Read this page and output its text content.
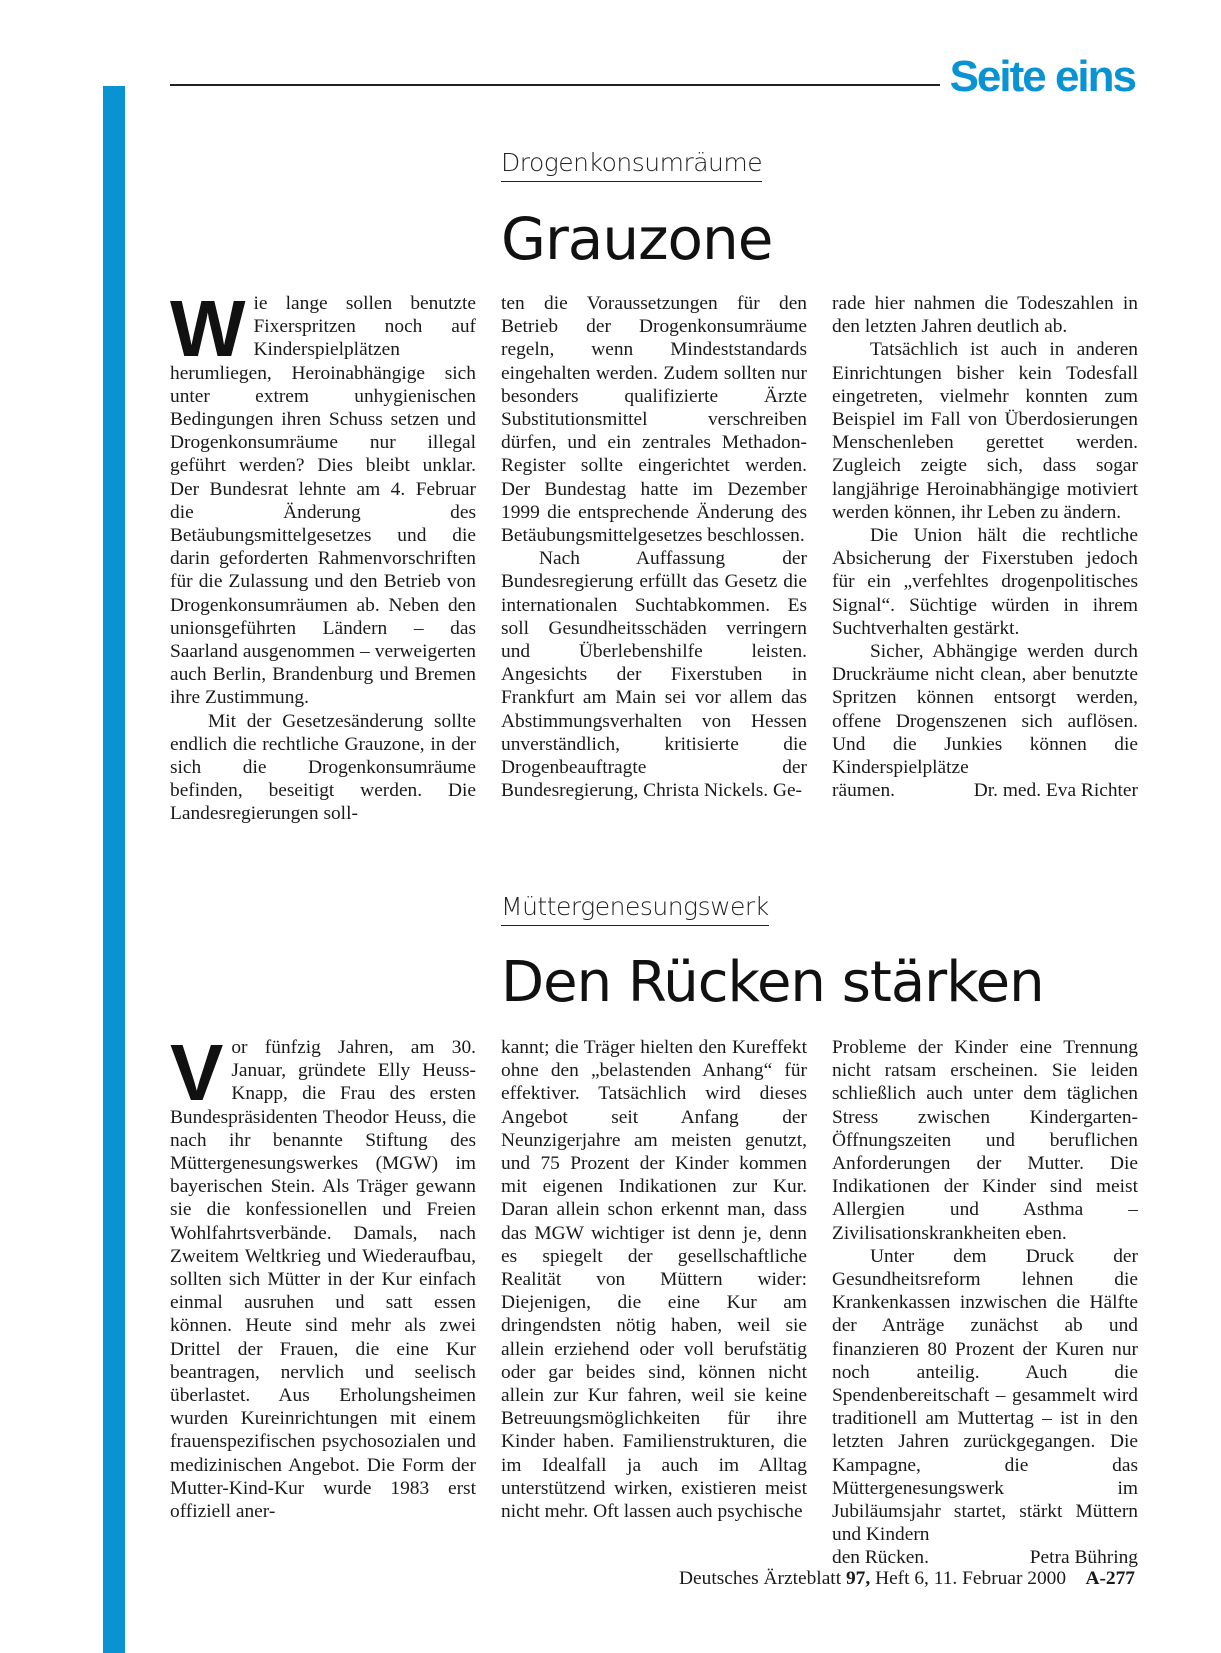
Seite eins
Drogenkonsumräume
Grauzone

Wie lange sollen benutzte Fixerspritzen noch auf Kinderspielplätzen herumliegen, Heroinabhängige sich unter extrem unhygienischen Bedingungen ihren Schuss setzen und Drogenkonsumräume nur illegal geführt werden? Dies bleibt unklar. Der Bundesrat lehnte am 4. Februar die Änderung des Betäubungsmittelgesetzes und die darin geforderten Rahmenvorschriften für die Zulassung und den Betrieb von Drogenkonsumräumen ab. Neben den unionsgeführten Ländern – das Saarland ausgenommen – verweigerten auch Berlin, Brandenburg und Bremen ihre Zustimmung.

Mit der Gesetzesänderung sollte endlich die rechtliche Grauzone, in der sich die Drogenkonsumräume befinden, beseitigt werden. Die Landesregierungen soll-

ten die Voraussetzungen für den Betrieb der Drogenkonsumräume regeln, wenn Mindeststandards eingehalten werden. Zudem sollten nur besonders qualifizierte Ärzte Substitutionsmittel verschreiben dürfen, und ein zentrales Methadon-Register sollte eingerichtet werden. Der Bundestag hatte im Dezember 1999 die entsprechende Änderung des Betäubungsmittelgesetzes beschlossen.

Nach Auffassung der Bundesregierung erfüllt das Gesetz die internationalen Suchtabkommen. Es soll Gesundheitsschäden verringern und Überlebenshilfe leisten. Angesichts der Fixerstuben in Frankfurt am Main sei vor allem das Abstimmungsverhalten von Hessen unverständlich, kritisierte die Drogenbeauftragte der Bundesregierung, Christa Nickels. Ge-

rade hier nahmen die Todeszahlen in den letzten Jahren deutlich ab.

Tatsächlich ist auch in anderen Einrichtungen bisher kein Todesfall eingetreten, vielmehr konnten zum Beispiel im Fall von Überdosierungen Menschenleben gerettet werden. Zugleich zeigte sich, dass sogar langjährige Heroinabhängige motiviert werden können, ihr Leben zu ändern.

Die Union hält die rechtliche Absicherung der Fixerstuben jedoch für ein „verfehltes drogenpolitisches Signal“. Süchtige würden in ihrem Suchtverhalten gestärkt.

Sicher, Abhängige werden durch Druckräume nicht clean, aber benutzte Spritzen können entsorgt werden, offene Drogenszenen sich auflösen. Und die Junkies können die Kinderspielplätze

räumen.	Dr. med. Eva Richter
Müttergenesungswerk
Den Rücken stärken

Vor fünfzig Jahren, am 30. Januar, gründete Elly Heuss-Knapp, die Frau des ersten Bundespräsidenten Theodor Heuss, die nach ihr benannte Stiftung des Müttergenesungswerkes (MGW) im bayerischen Stein. Als Träger gewann sie die konfessionellen und Freien Wohlfahrtsverbände. Damals, nach Zweitem Weltkrieg und Wiederaufbau, sollten sich Mütter in der Kur einfach einmal ausruhen und satt essen können. Heute sind mehr als zwei Drittel der Frauen, die eine Kur beantragen, nervlich und seelisch überlastet. Aus Erholungsheimen wurden Kureinrichtungen mit einem frauenspezifischen psychosozialen und medizinischen Angebot. Die Form der Mutter-Kind-Kur wurde 1983 erst offiziell aner-

kannt; die Träger hielten den Kureffekt ohne den „belastenden Anhang“ für effektiver. Tatsächlich wird dieses Angebot seit Anfang der Neunzigerjahre am meisten genutzt, und 75 Prozent der Kinder kommen mit eigenen Indikationen zur Kur. Daran allein schon erkennt man, dass das MGW wichtiger ist denn je, denn es spiegelt der gesellschaftliche Realität von Müttern wider: Diejenigen, die eine Kur am dringendsten nötig haben, weil sie allein erziehend oder voll berufstätig oder gar beides sind, können nicht allein zur Kur fahren, weil sie keine Betreuungsmöglichkeiten für ihre Kinder haben. Familienstrukturen, die im Idealfall ja auch im Alltag unterstützend wirken, existieren meist nicht mehr. Oft lassen auch psychische

Probleme der Kinder eine Trennung nicht ratsam erscheinen. Sie leiden schließlich auch unter dem täglichen Stress zwischen Kindergarten-Öffnungszeiten und beruflichen Anforderungen der Mutter. Die Indikationen der Kinder sind meist Allergien und Asthma – Zivilisationskrankheiten eben.

Unter dem Druck der Gesundheitsreform lehnen die Krankenkassen inzwischen die Hälfte der Anträge zunächst ab und finanzieren 80 Prozent der Kuren nur noch anteilig. Auch die Spendenbereitschaft – gesammelt wird traditionell am Muttertag – ist in den letzten Jahren zurückgegangen. Die Kampagne, die das Müttergenesungswerk im Jubiläumsjahr startet, stärkt Müttern und Kindern

den Rücken.	Petra Bühring
Deutsches Ärzteblatt 97, Heft 6, 11. Februar 2000 A-277
